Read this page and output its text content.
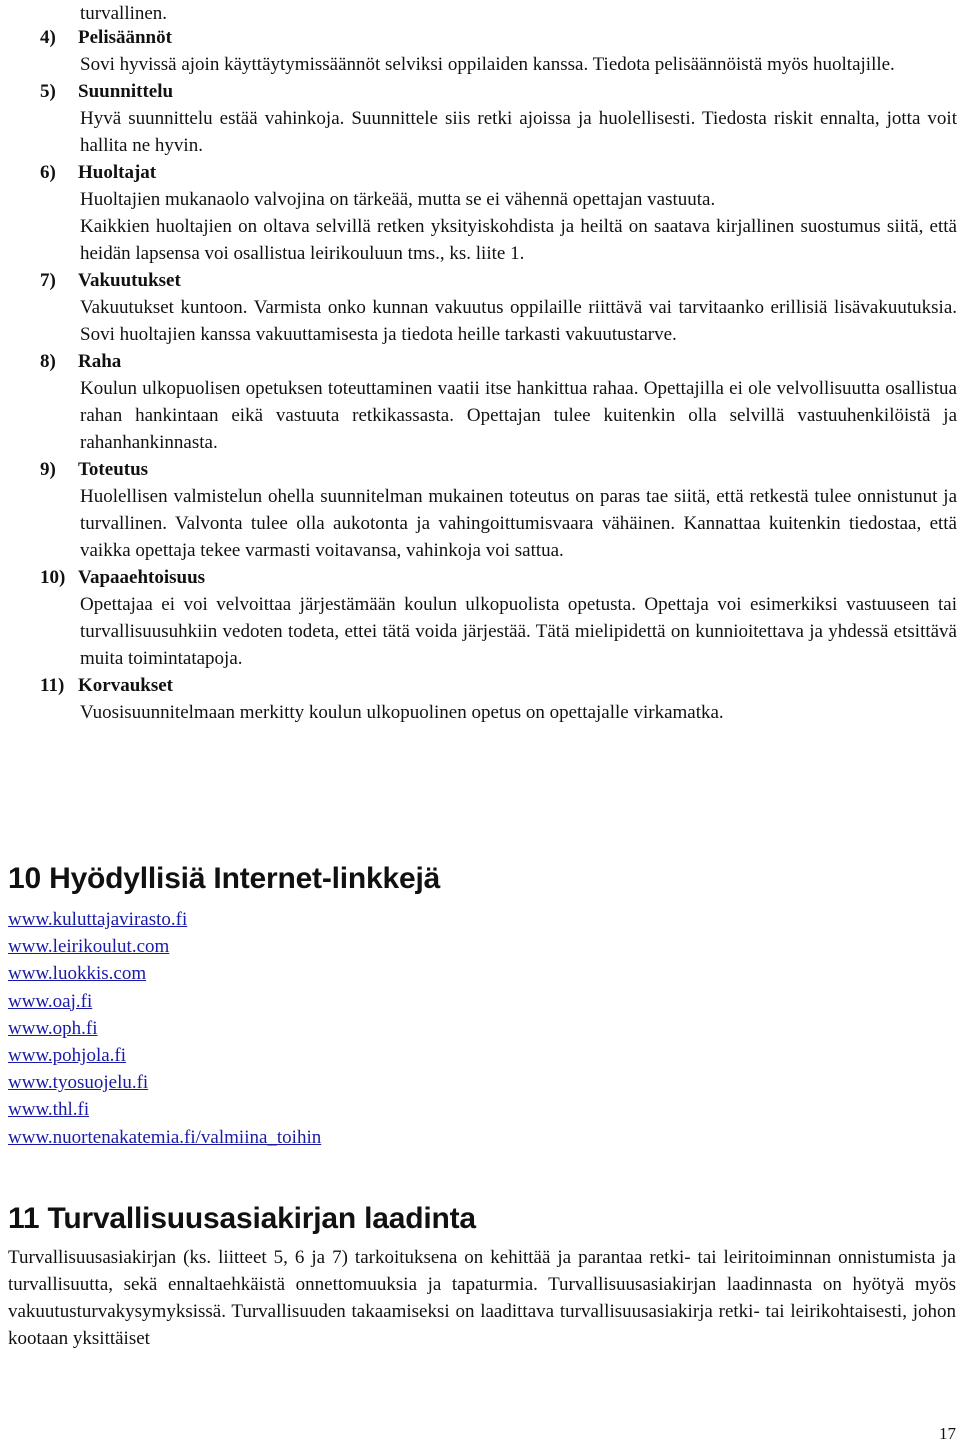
turvallinen.
4) Pelisäännöt

Sovi hyvissä ajoin käyttäytymissäännöt selviksi oppilaiden kanssa. Tiedota pelisäännöistä myös huoltajille.

5) Suunnittelu

Hyvä suunnittelu estää vahinkoja. Suunnittele siis retki ajoissa ja huolellisesti. Tiedosta riskit ennalta, jotta voit hallita ne hyvin.

6) Huoltajat

Huoltajien mukanaolo valvojina on tärkeää, mutta se ei vähennä opettajan vastuuta.

Kaikkien huoltajien on oltava selvillä retken yksityiskohdista ja heiltä on saatava kirjallinen suostumus siitä, että heidän lapsensa voi osallistua leirikouluun tms., ks. liite 1.

7) Vakuutukset

Vakuutukset kuntoon. Varmista onko kunnan vakuutus oppilaille riittävä vai tarvitaanko erillisiä lisävakuutuksia. Sovi huoltajien kanssa vakuuttamisesta ja tiedota heille tarkasti vakuutustarve.

8) Raha

Koulun ulkopuolisen opetuksen toteuttaminen vaatii itse hankittua rahaa. Opettajilla ei ole velvollisuutta osallistua rahan hankintaan eikä vastuuta retkikassasta. Opettajan tulee kuitenkin olla selvillä vastuuhenkilöistä ja rahanhankinnasta.

9) Toteutus

Huolellisen valmistelun ohella suunnitelman mukainen toteutus on paras tae siitä, että retkestä tulee onnistunut ja turvallinen. Valvonta tulee olla aukotonta ja vahingoittumisvaara vähäinen. Kannattaa kuitenkin tiedostaa, että vaikka opettaja tekee varmasti voitavansa, vahinkoja voi sattua.

10) Vapaaehtoisuus

Opettajaa ei voi velvoittaa järjestämään koulun ulkopuolista opetusta. Opettaja voi esimerkiksi vastuuseen tai turvallisuusuhkiin vedoten todeta, ettei tätä voida järjestää. Tätä mielipidettä on kunnioitettava ja yhdessä etsittävä muita toimintatapoja.

11) Korvaukset

Vuosisuunnitelmaan merkitty koulun ulkopuolinen opetus on opettajalle virkamatka.

10 Hyödyllisiä Internet-linkkejä
www.kuluttajavirasto.fi
www.leirikoulut.com
www.luokkis.com
www.oaj.fi
www.oph.fi
www.pohjola.fi
www.tyosuojelu.fi
www.thl.fi
www.nuortenakatemia.fi/valmiina_toihin
11 Turvallisuusasiakirjan laadinta

Turvallisuusasiakirjan (ks. liitteet 5, 6 ja 7) tarkoituksena on kehittää ja parantaa retki- tai leiritoiminnan onnistumista ja turvallisuutta, sekä ennaltaehkäistä onnettomuuksia ja tapaturmia. Turvallisuusasiakirjan laadinnasta on hyötyä myös vakuutusturvakysymyksissä. Turvallisuuden takaamiseksi on laadittava turvallisuusasiakirja retki- tai leirikohtaisesti, johon kootaan yksittäiset

17
